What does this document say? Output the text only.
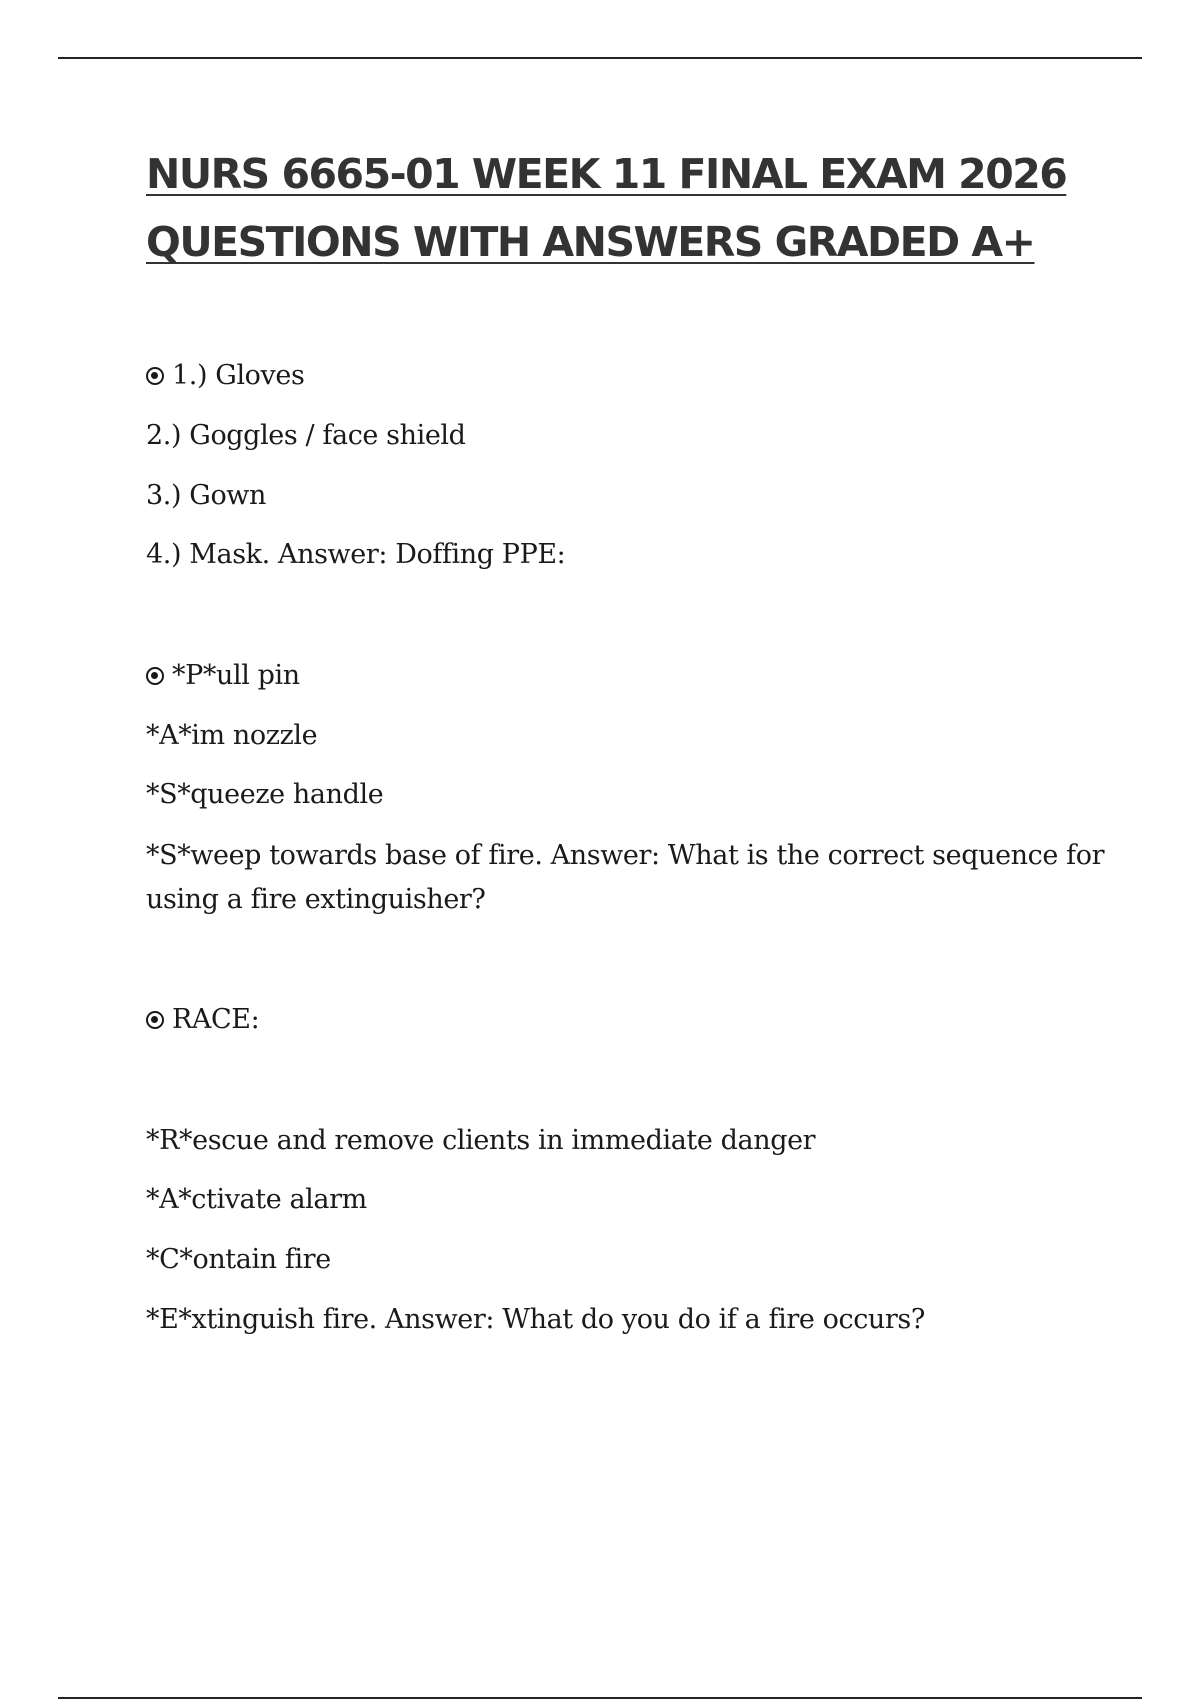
NURS 6665-01 WEEK 11 FINAL EXAM 2026 QUESTIONS WITH ANSWERS GRADED A+

1.) Gloves

2.) Goggles / face shield

3.) Gown

4.) Mask. Answer: Doffing PPE:

*P*ull pin

*A*im nozzle

*S*queeze handle

*S*weep towards base of fire. Answer: What is the correct sequence for using a fire extinguisher?

RACE:

*R*escue and remove clients in immediate danger

*A*ctivate alarm

*C*ontain fire

*E*xtinguish fire. Answer: What do you do if a fire occurs?
